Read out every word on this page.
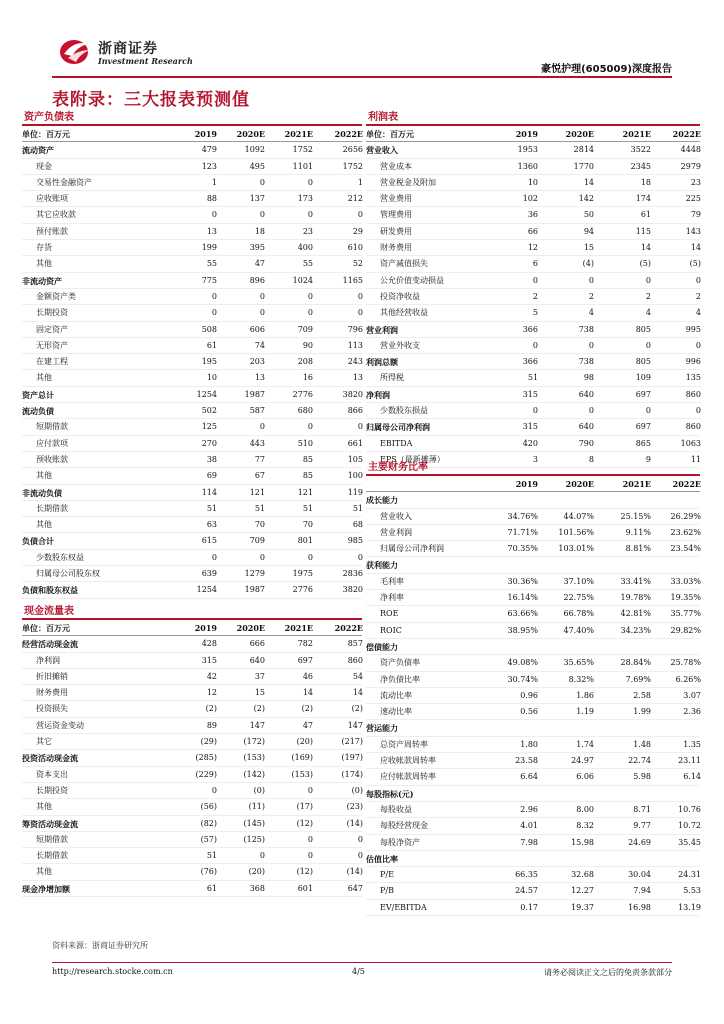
浙商证券
Investment Research
豪悦护理(605009)深度报告
表附录：三大报表预测值
资产负债表
单位：百万元	2019	2020E	2021E	2022E
流动资产	479	1092	1752	2656
现金	123	495	1101	1752
交易性金融资产	1	0	0	1
应收账项	88	137	173	212
其它应收款	0	0	0	0
预付账款	13	18	23	29
存货	199	395	400	610
其他	55	47	55	52
非流动资产	775	896	1024	1165
金额资产类	0	0	0	0
长期投资	0	0	0	0
固定资产	508	606	709	796
无形资产	61	74	90	113
在建工程	195	203	208	243
其他	10	13	16	13
资产总计	1254	1987	2776	3820
流动负债	502	587	680	866
短期借款	125	0	0	0
应付款项	270	443	510	661
预收账款	38	77	85	105
其他	69	67	85	100
非流动负债	114	121	121	119
长期借款	51	51	51	51
其他	63	70	70	68
负债合计	615	709	801	985
少数股东权益	0	0	0	0
归属母公司股东权	639	1279	1975	2836
负债和股东权益	1254	1987	2776	3820
现金流量表
单位：百万元	2019	2020E	2021E	2022E
经营活动现金流	428	666	782	857
净利润	315	640	697	860
折旧摊销	42	37	46	54
财务费用	12	15	14	14
投资损失	(2)	(2)	(2)	(2)
营运资金变动	89	147	47	147
其它	(29)	(172)	(20)	(217)
投资活动现金流	(285)	(153)	(169)	(197)
资本支出	(229)	(142)	(153)	(174)
长期投资	0	(0)	0	(0)
其他	(56)	(11)	(17)	(23)
筹资活动现金流	(82)	(145)	(12)	(14)
短期借款	(57)	(125)	0	0
长期借款	51	0	0	0
其他	(76)	(20)	(12)	(14)
现金净增加额	61	368	601	647
利润表
单位：百万元	2019	2020E	2021E	2022E
营业收入	1953	2814	3522	4448
营业成本	1360	1770	2345	2979
营业税金及附加	10	14	18	23
营业费用	102	142	174	225
管理费用	36	50	61	79
研发费用	66	94	115	143
财务费用	12	15	14	14
资产减值损失	6	(4)	(5)	(5)
公允价值变动损益	0	0	0	0
投资净收益	2	2	2	2
其他经营收益	5	4	4	4
营业利润	366	738	805	995
营业外收支	0	0	0	0
利润总额	366	738	805	996
所得税	51	98	109	135
净利润	315	640	697	860
少数股东损益	0	0	0	0
归属母公司净利润	315	640	697	860
EBITDA	420	790	865	1063
EPS（最新摊薄）	3	8	9	11
主要财务比率
2019	2020E	2021E	2022E
成长能力
营业收入	34.76%	44.07%	25.15%	26.29%
营业利润	71.71%	101.56%	9.11%	23.62%
归属母公司净利润	70.35%	103.01%	8.81%	23.54%
获利能力
毛利率	30.36%	37.10%	33.41%	33.03%
净利率	16.14%	22.75%	19.78%	19.35%
ROE	63.66%	66.78%	42.81%	35.77%
ROIC	38.95%	47.40%	34.23%	29.82%
偿债能力
资产负债率	49.08%	35.65%	28.84%	25.78%
净负债比率	30.74%	8.32%	7.69%	6.26%
流动比率	0.96	1.86	2.58	3.07
速动比率	0.56	1.19	1.99	2.36
营运能力
总资产周转率	1.80	1.74	1.48	1.35
应收帐款周转率	23.58	24.97	22.74	23.11
应付帐款周转率	6.64	6.06	5.98	6.14
每股指标(元)
每股收益	2.96	8.00	8.71	10.76
每股经营现金	4.01	8.32	9.77	10.72
每股净资产	7.98	15.98	24.69	35.45
估值比率
P/E	66.35	32.68	30.04	24.31
P/B	24.57	12.27	7.94	5.53
EV/EBITDA	0.17	19.37	16.98	13.19
资料来源：浙商证券研究所
http://research.stocke.com.cn	4/5	请务必阅读正文之后的免责条款部分
